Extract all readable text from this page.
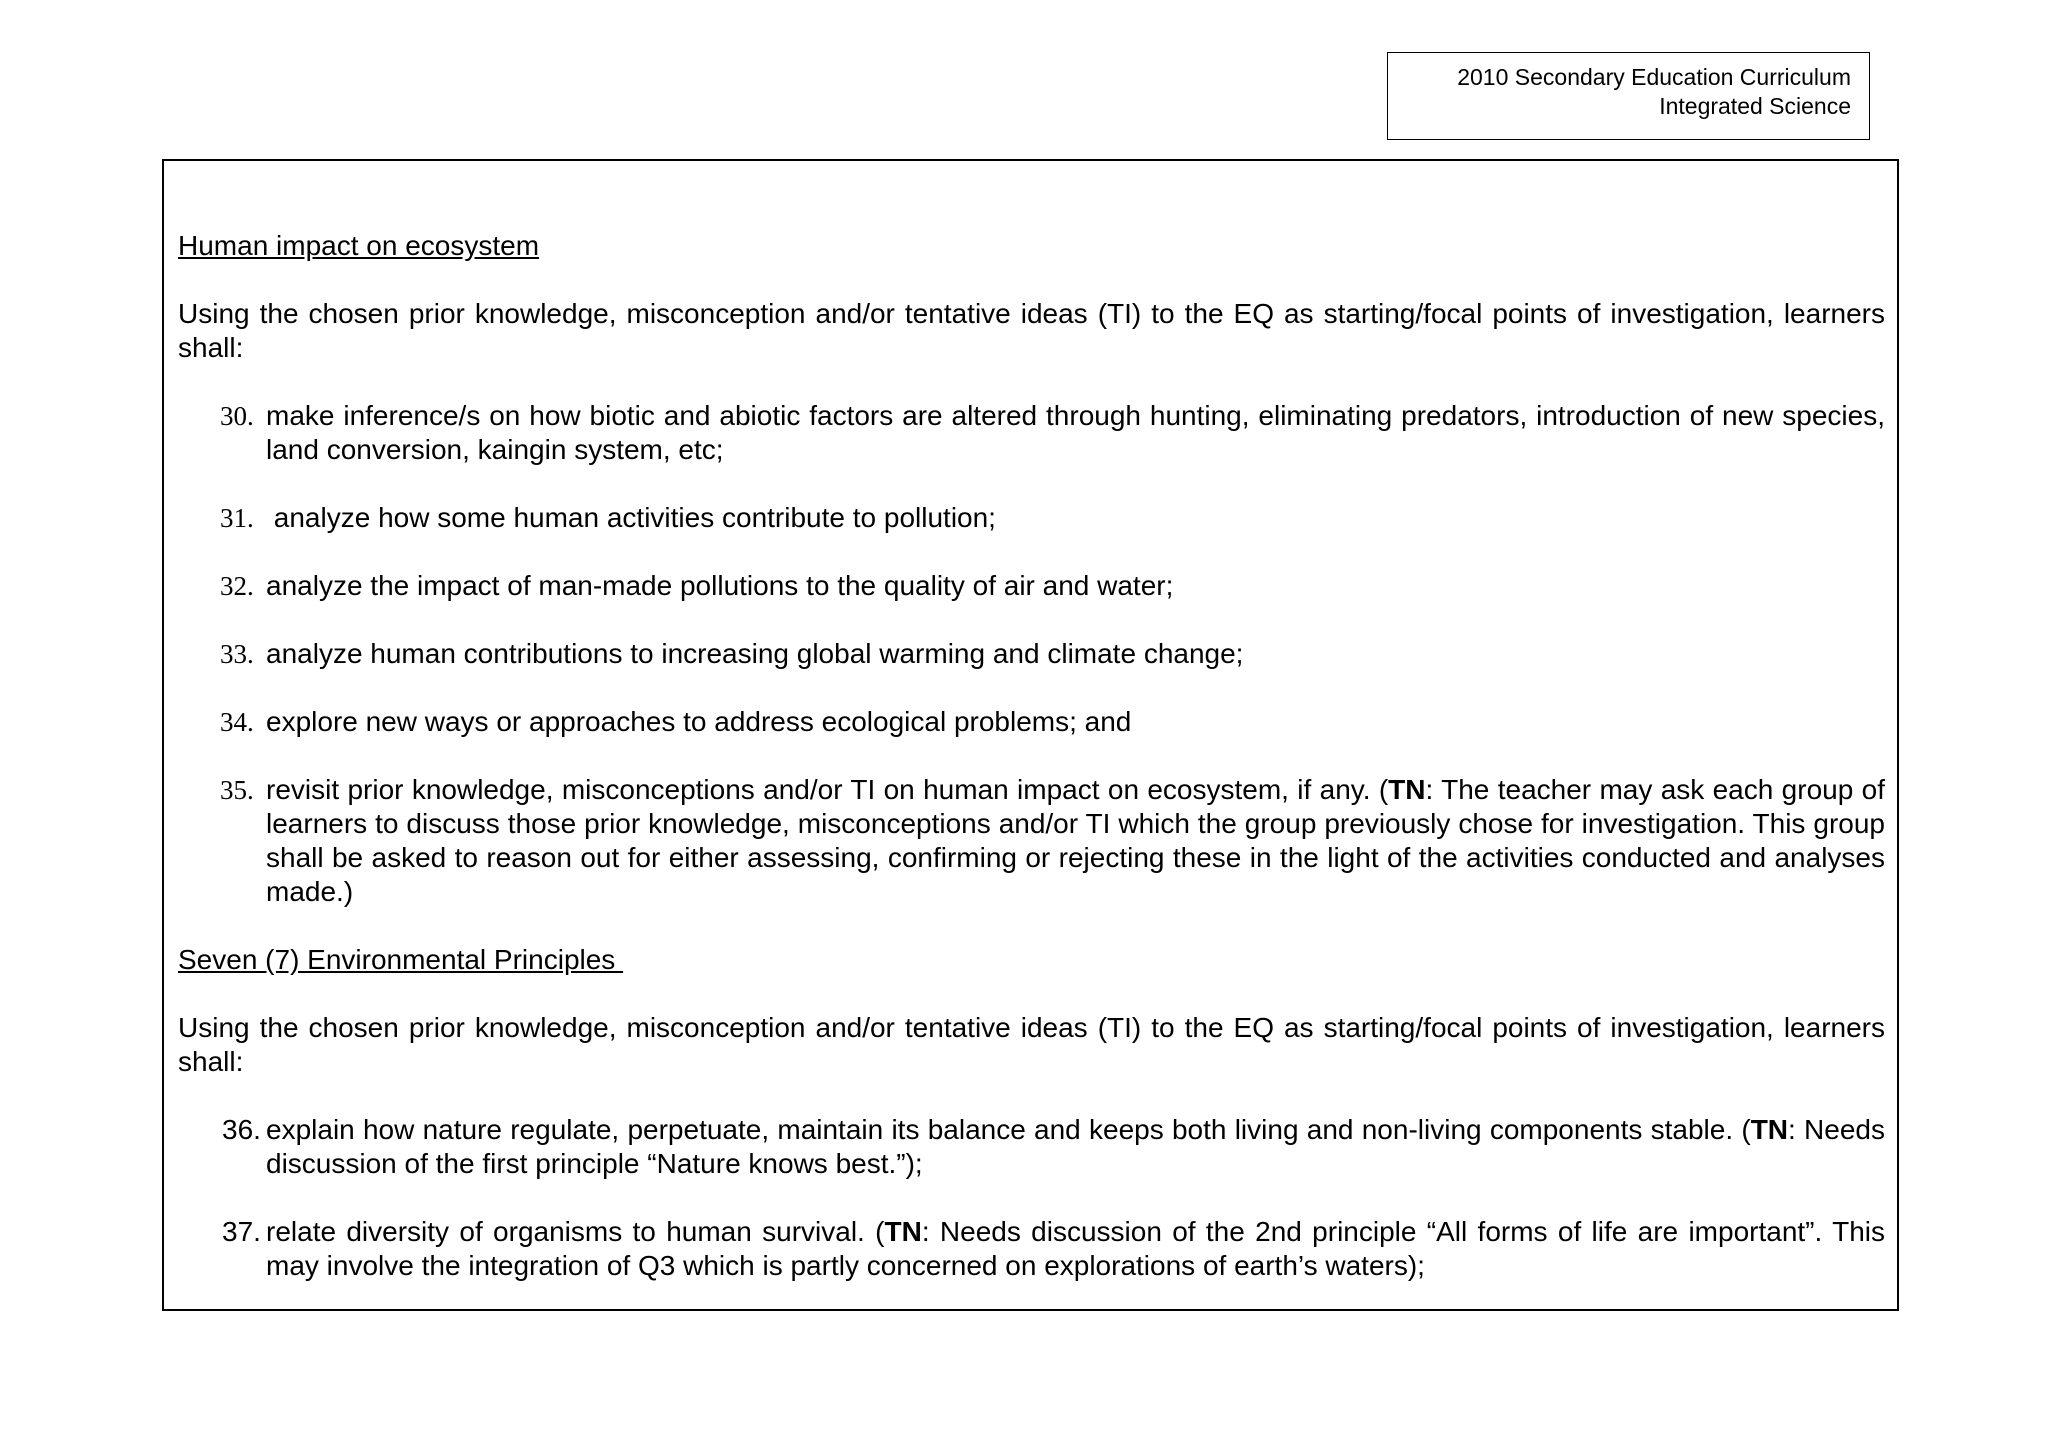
2010 Secondary Education Curriculum
Integrated Science

Human impact on ecosystem

Using the chosen prior knowledge, misconception and/or tentative ideas (TI) to the EQ as starting/focal points of investigation, learners shall:

30. make inference/s on how biotic and abiotic factors are altered through hunting, eliminating predators, introduction of new species, land conversion, kaingin system, etc;
31. analyze how some human activities contribute to pollution;
32. analyze the impact of man-made pollutions to the quality of air and water;
33. analyze human contributions to increasing global warming and climate change;
34. explore new ways or approaches to address ecological problems; and
35. revisit prior knowledge, misconceptions and/or TI on human impact on ecosystem, if any. (TN: The teacher may ask each group of learners to discuss those prior knowledge, misconceptions and/or TI which the group previously chose for investigation. This group shall be asked to reason out for either assessing, confirming or rejecting these in the light of the activities conducted and analyses made.)

Seven (7) Environmental Principles

Using the chosen prior knowledge, misconception and/or tentative ideas (TI) to the EQ as starting/focal points of investigation, learners shall:

36. explain how nature regulate, perpetuate, maintain its balance and keeps both living and non-living components stable. (TN: Needs discussion of the first principle “Nature knows best.”);
37. relate diversity of organisms to human survival. (TN: Needs discussion of the 2nd principle “All forms of life are important”. This may involve the integration of Q3 which is partly concerned on explorations of earth’s waters);
